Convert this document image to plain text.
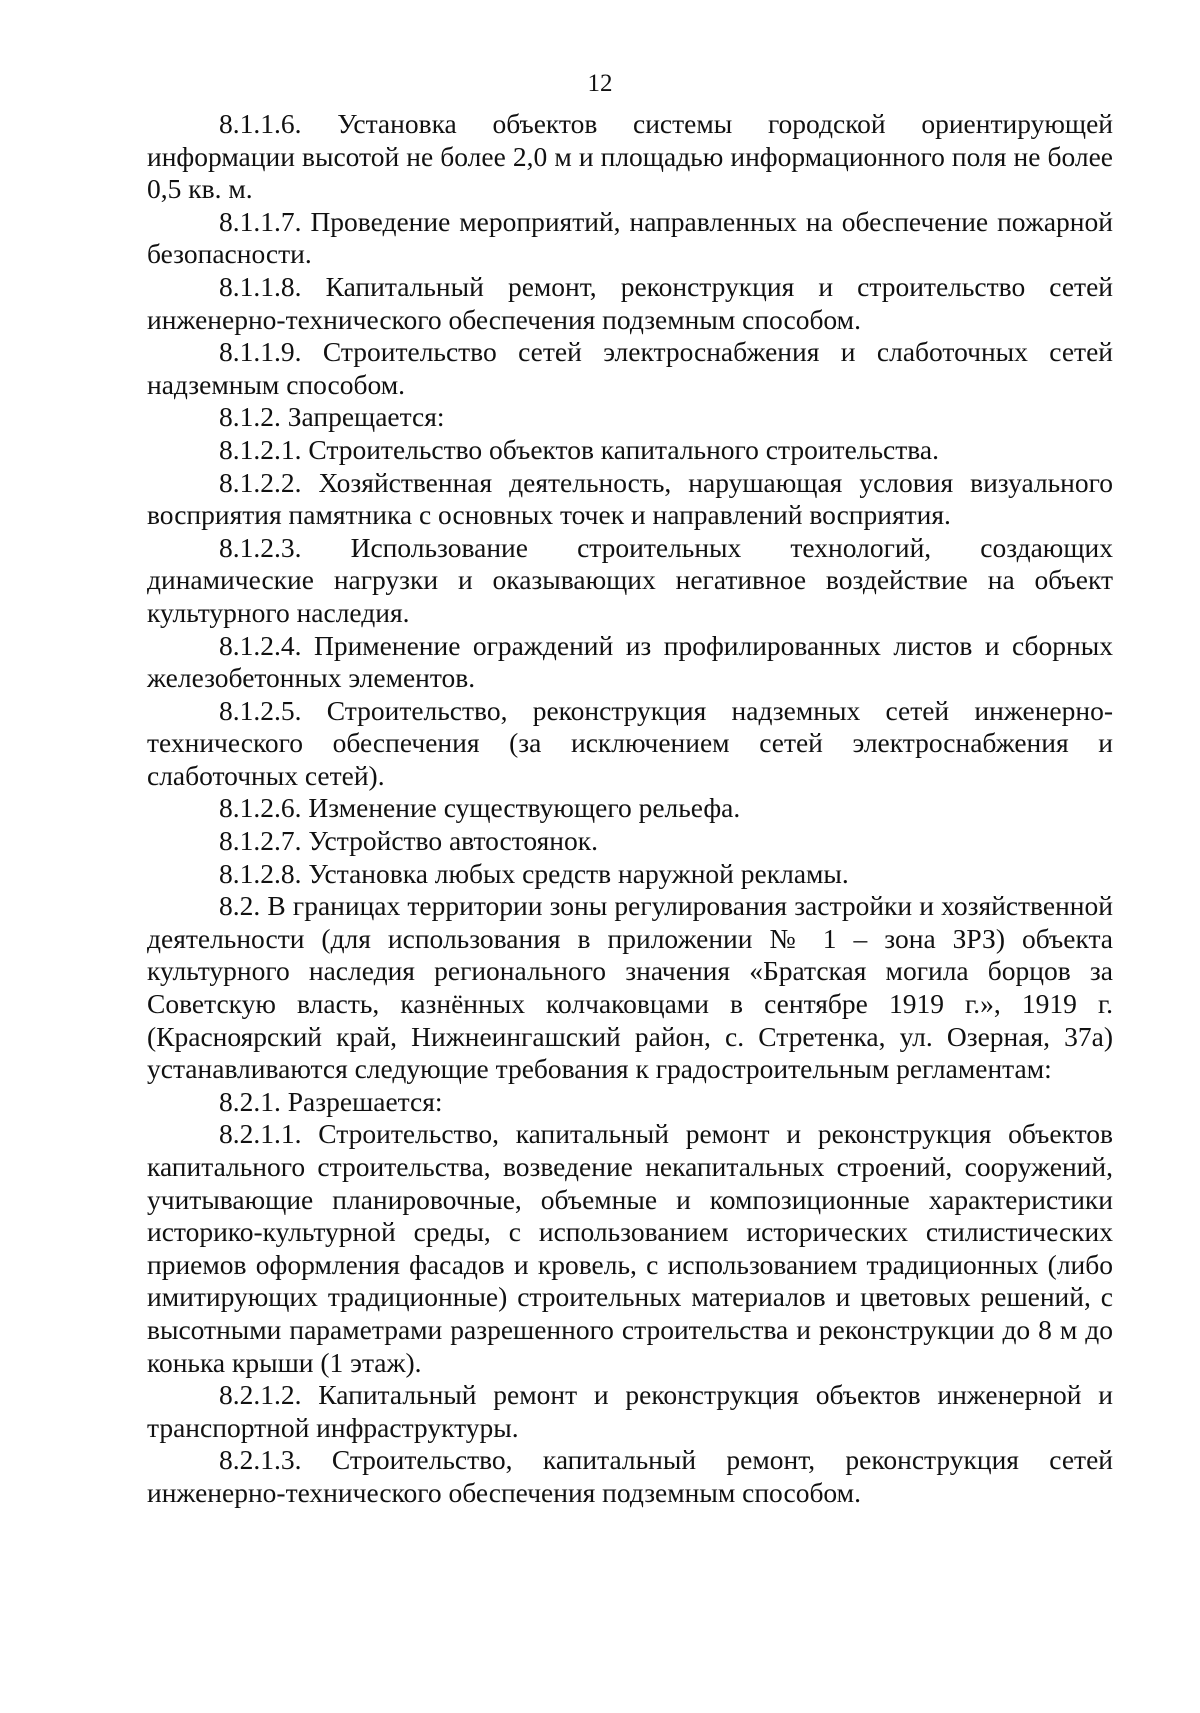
12

8.1.1.6. Установка объектов системы городской ориентирующей информации высотой не более 2,0 м и площадью информационного поля не более 0,5 кв. м.

8.1.1.7. Проведение мероприятий, направленных на обеспечение пожарной безопасности.

8.1.1.8. Капитальный ремонт, реконструкция и строительство сетей инженерно-технического обеспечения подземным способом.

8.1.1.9. Строительство сетей электроснабжения и слаботочных сетей надземным способом.

8.1.2. Запрещается:

8.1.2.1. Строительство объектов капитального строительства.

8.1.2.2. Хозяйственная деятельность, нарушающая условия визуального восприятия памятника с основных точек и направлений восприятия.

8.1.2.3. Использование строительных технологий, создающих динамические нагрузки и оказывающих негативное воздействие на объект культурного наследия.

8.1.2.4. Применение ограждений из профилированных листов и сборных железобетонных элементов.

8.1.2.5. Строительство, реконструкция надземных сетей инженерно-технического обеспечения (за исключением сетей электроснабжения и слаботочных сетей).

8.1.2.6. Изменение существующего рельефа.

8.1.2.7. Устройство автостоянок.

8.1.2.8. Установка любых средств наружной рекламы.

8.2. В границах территории зоны регулирования застройки и хозяйственной деятельности (для использования в приложении № 1 – зона ЗРЗ) объекта культурного наследия регионального значения «Братская могила борцов за Советскую власть, казнённых колчаковцами в сентябре 1919 г.», 1919 г. (Красноярский край, Нижнеингашский район, с. Стретенка, ул. Озерная, 37а) устанавливаются следующие требования к градостроительным регламентам:

8.2.1. Разрешается:

8.2.1.1. Строительство, капитальный ремонт и реконструкция объектов капитального строительства, возведение некапитальных строений, сооружений, учитывающие планировочные, объемные и композиционные характеристики историко-культурной среды, с использованием исторических стилистических приемов оформления фасадов и кровель, с использованием традиционных (либо имитирующих традиционные) строительных материалов и цветовых решений, с высотными параметрами разрешенного строительства и реконструкции до 8 м до конька крыши (1 этаж).

8.2.1.2. Капитальный ремонт и реконструкция объектов инженерной и транспортной инфраструктуры.

8.2.1.3. Строительство, капитальный ремонт, реконструкция сетей инженерно-технического обеспечения подземным способом.
